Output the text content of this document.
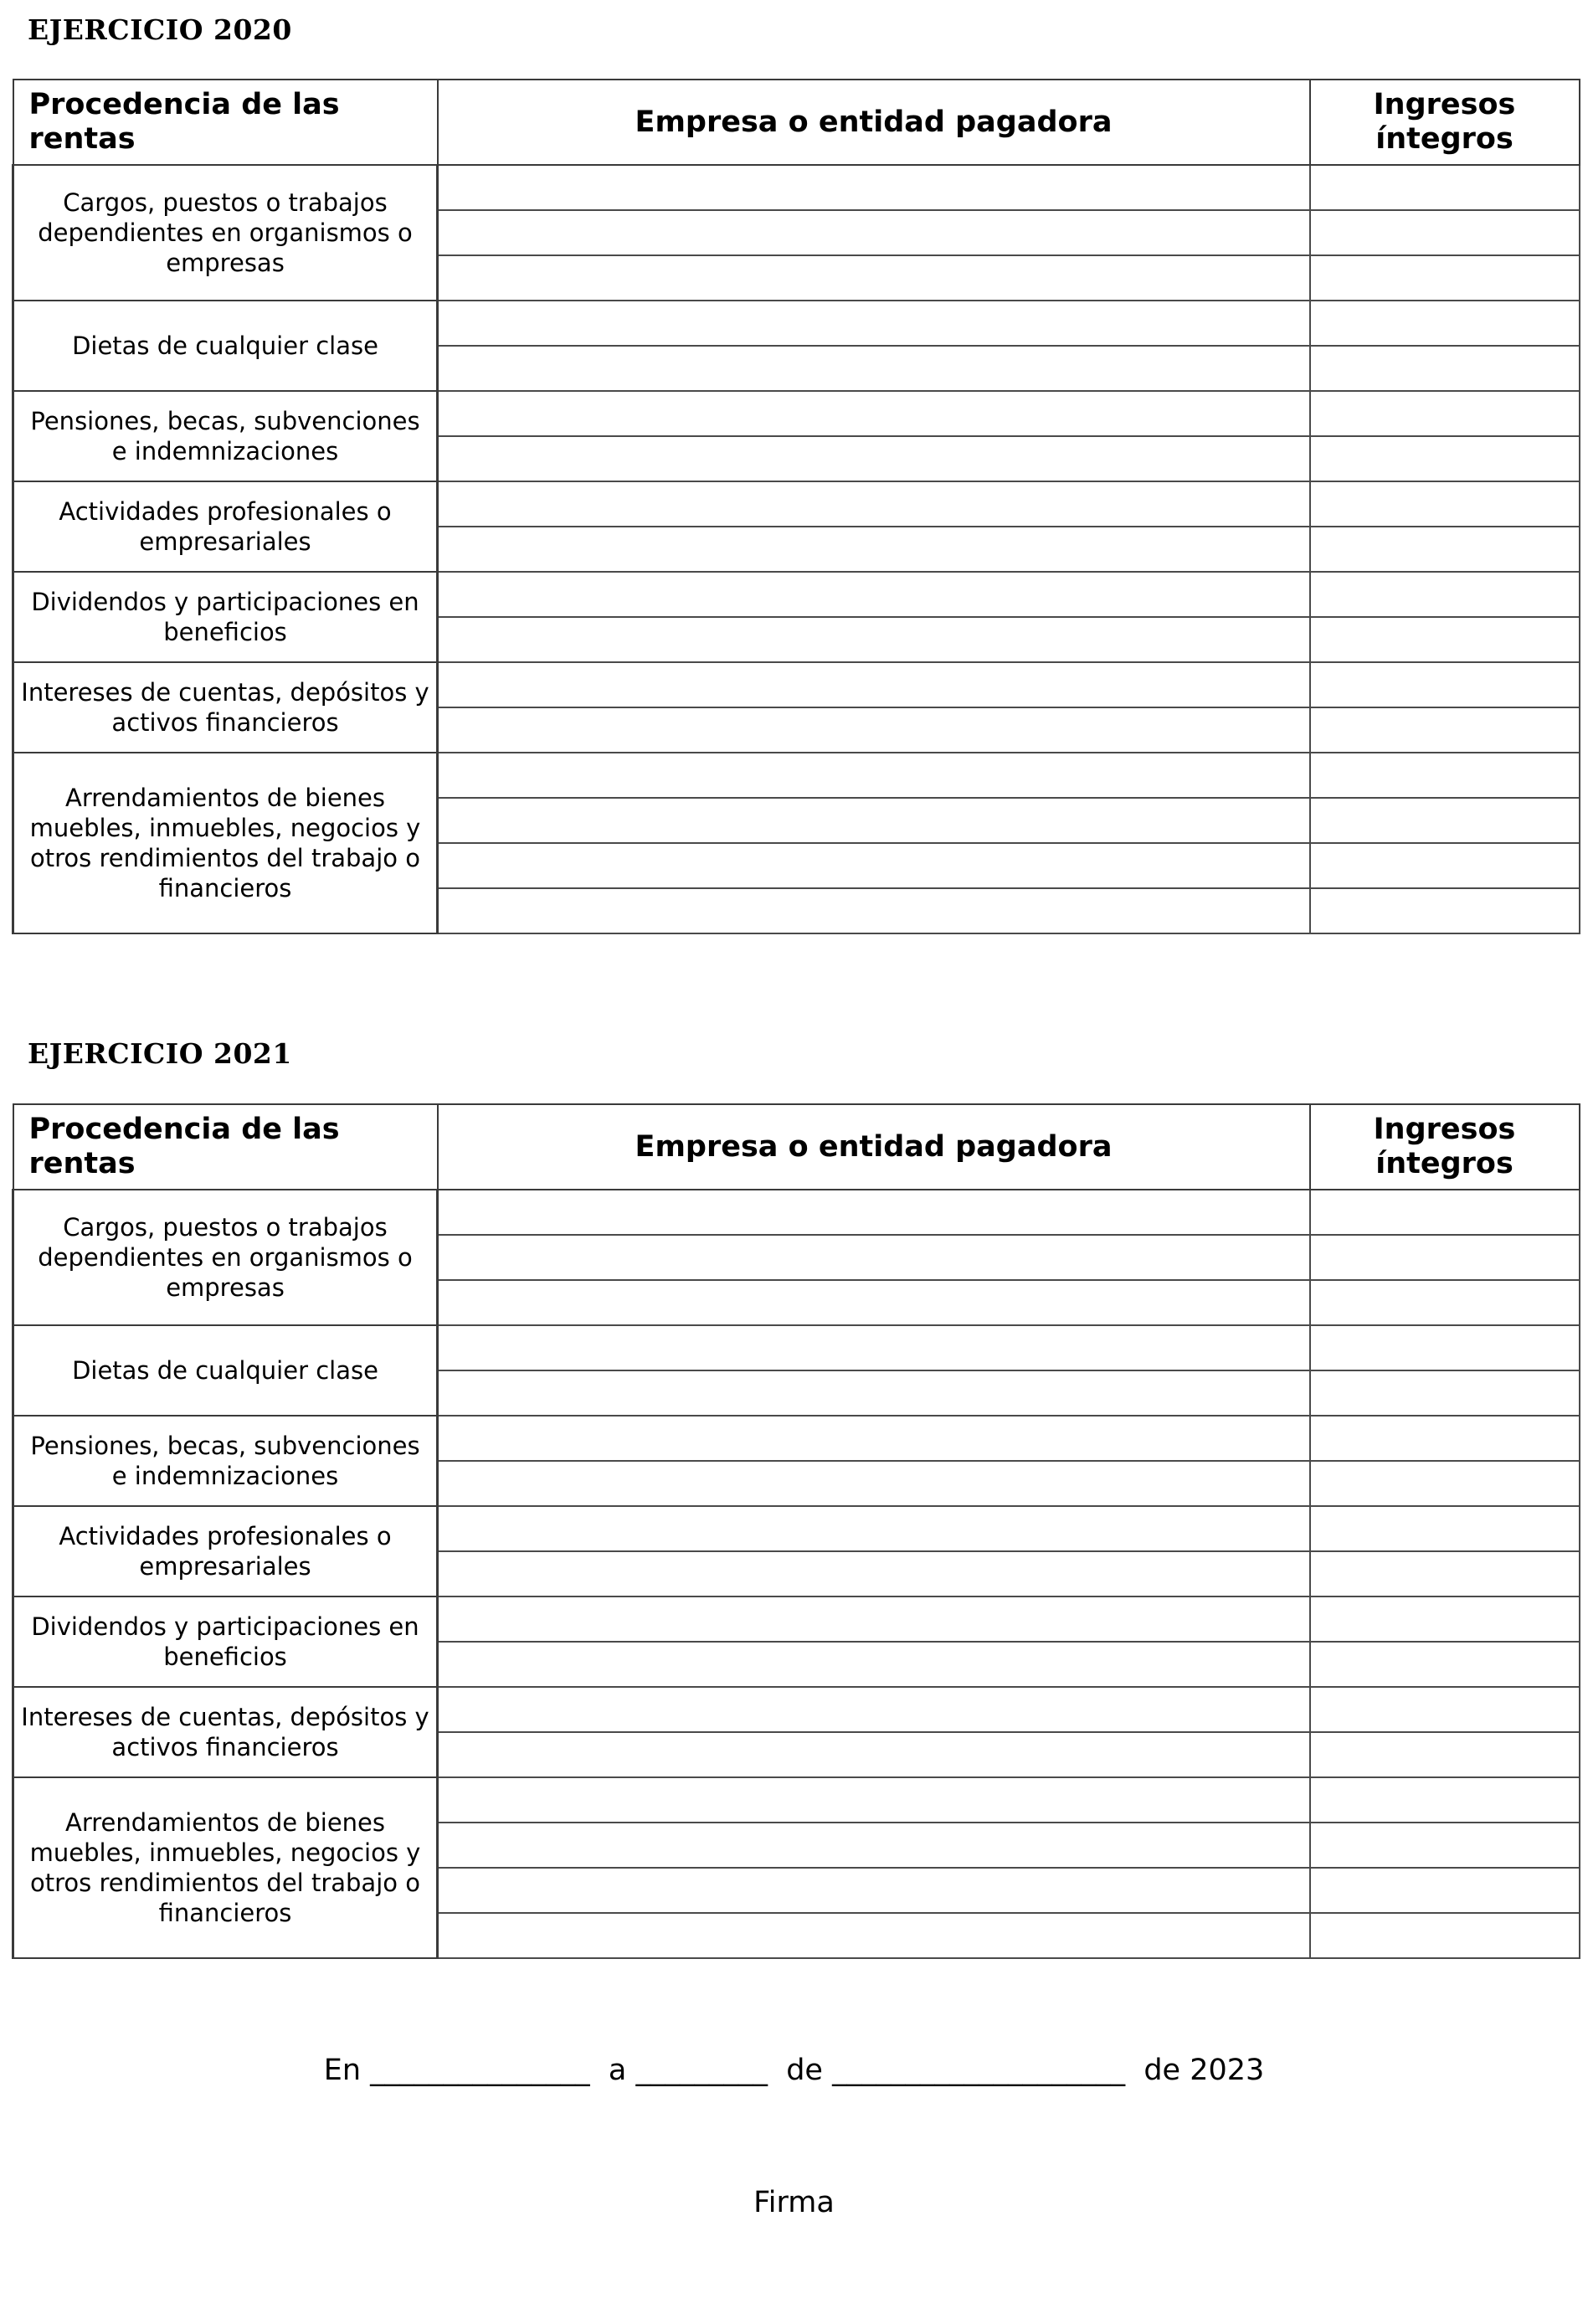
EJERCICIO 2020
Procedencia de las rentas	Empresa o entidad pagadora	Ingresos
íntegros
Cargos, puestos o trabajos dependientes en organismos o empresas		

Dietas de cualquier clase		

Pensiones, becas, subvenciones e indemnizaciones		

Actividades profesionales o empresariales		

Dividendos y participaciones en beneficios		

Intereses de cuentas, depósitos y activos financieros		

Arrendamientos de bienes muebles, inmuebles, negocios y otros rendimientos del trabajo o financieros		

EJERCICIO 2021
Procedencia de las rentas	Empresa o entidad pagadora	Ingresos
íntegros
Cargos, puestos o trabajos dependientes en organismos o empresas		

Dietas de cualquier clase		

Pensiones, becas, subvenciones e indemnizaciones		

Actividades profesionales o empresariales		

Dividendos y participaciones en beneficios		

Intereses de cuentas, depósitos y activos financieros		

Arrendamientos de bienes muebles, inmuebles, negocios y otros rendimientos del trabajo o financieros		

En _______________  a _________  de ____________________  de 2023
Firma
